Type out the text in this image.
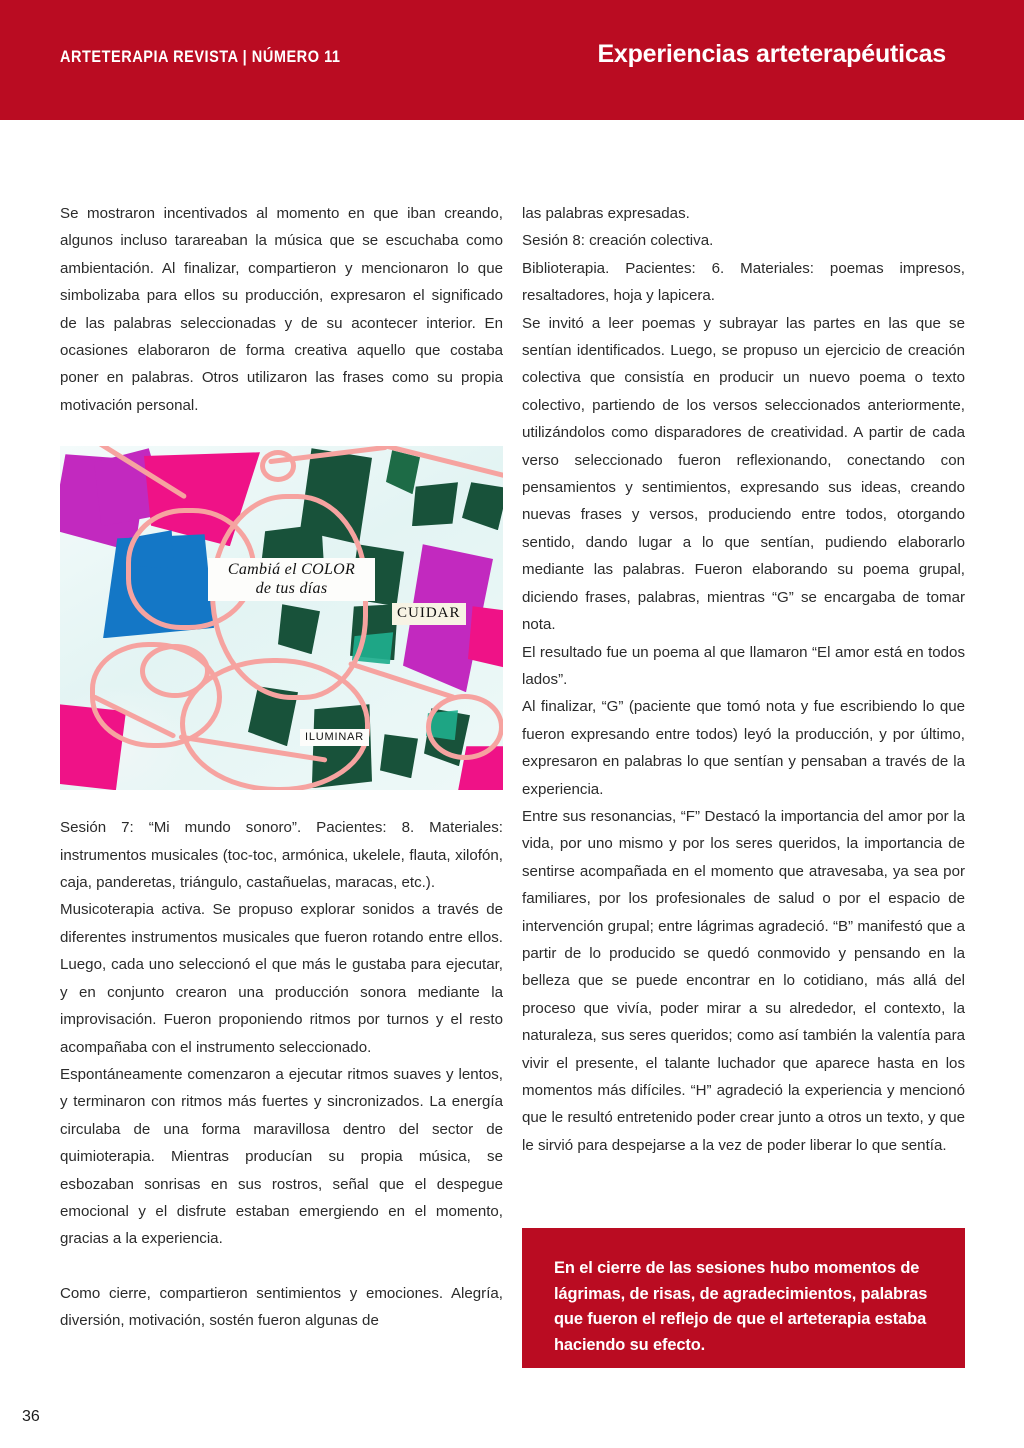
ARTETERAPIA REVISTA | NÚMERO 11	Experiencias arteterapéuticas

Se mostraron incentivados al momento en que iban creando, algunos incluso tarareaban la música que se escuchaba como ambientación. Al finalizar, compartieron y mencionaron lo que simbolizaba para ellos su producción, expresaron el significado de las palabras seleccionadas y de su acontecer interior. En ocasiones elaboraron de forma creativa aquello que costaba poner en palabras. Otros utilizaron las frases como su propia motivación personal.

Cambiá el COLOR
de tus días
CUIDAR
ILUMINAR

Sesión 7: “Mi mundo sonoro”. Pacientes: 8. Materiales: instrumentos musicales (toc-toc, armónica, ukelele, flauta, xilofón, caja, panderetas, triángulo, castañuelas, maracas, etc.).

Musicoterapia activa. Se propuso explorar sonidos a través de diferentes instrumentos musicales que fueron rotando entre ellos. Luego, cada uno seleccionó el que más le gustaba para ejecutar, y en conjunto crearon una producción sonora mediante la improvisación. Fueron proponiendo ritmos por turnos y el resto acompañaba con el instrumento seleccionado.

Espontáneamente comenzaron a ejecutar ritmos suaves y lentos, y terminaron con ritmos más fuertes y sincronizados. La energía circulaba de una forma maravillosa dentro del sector de quimioterapia. Mientras producían su propia música, se esbozaban sonrisas en sus rostros, señal que el despegue emocional y el disfrute estaban emergiendo en el momento, gracias a la experiencia.

Como cierre, compartieron sentimientos y emociones. Alegría, diversión, motivación, sostén fueron algunas de

las palabras expresadas.

Sesión 8: creación colectiva.

Biblioterapia. Pacientes: 6. Materiales: poemas impresos, resaltadores, hoja y lapicera.

Se invitó a leer poemas y subrayar las partes en las que se sentían identificados. Luego, se propuso un ejercicio de creación colectiva que consistía en producir un nuevo poema o texto colectivo, partiendo de los versos seleccionados anteriormente, utilizándolos como disparadores de creatividad. A partir de cada verso seleccionado fueron reflexionando, conectando con pensamientos y sentimientos, expresando sus ideas, creando nuevas frases y versos, produciendo entre todos, otorgando sentido, dando lugar a lo que sentían, pudiendo elaborarlo mediante las palabras. Fueron elaborando su poema grupal, diciendo frases, palabras, mientras “G” se encargaba de tomar nota.

El resultado fue un poema al que llamaron “El amor está en todos lados”.

Al finalizar, “G” (paciente que tomó nota y fue escribiendo lo que fueron expresando entre todos) leyó la producción, y por último, expresaron en palabras lo que sentían y pensaban a través de la experiencia.

Entre sus resonancias, “F” Destacó la importancia del amor por la vida, por uno mismo y por los seres queridos, la importancia de sentirse acompañada en el momento que atravesaba, ya sea por familiares, por los profesionales de salud o por el espacio de intervención grupal; entre lágrimas agradeció. “B” manifestó que a partir de lo producido se quedó conmovido y pensando en la belleza que se puede encontrar en lo cotidiano, más allá del proceso que vivía, poder mirar a su alrededor, el contexto, la naturaleza, sus seres queridos; como así también la valentía para vivir el presente, el talante luchador que aparece hasta en los momentos más difíciles. “H” agradeció la experiencia y mencionó que le resultó entretenido poder crear junto a otros un texto, y que le sirvió para despejarse a la vez de poder liberar lo que sentía.

En el cierre de las sesiones hubo momentos de lágrimas, de risas, de agradecimientos, palabras que fueron el reflejo de que el arteterapia estaba haciendo su efecto.
36
